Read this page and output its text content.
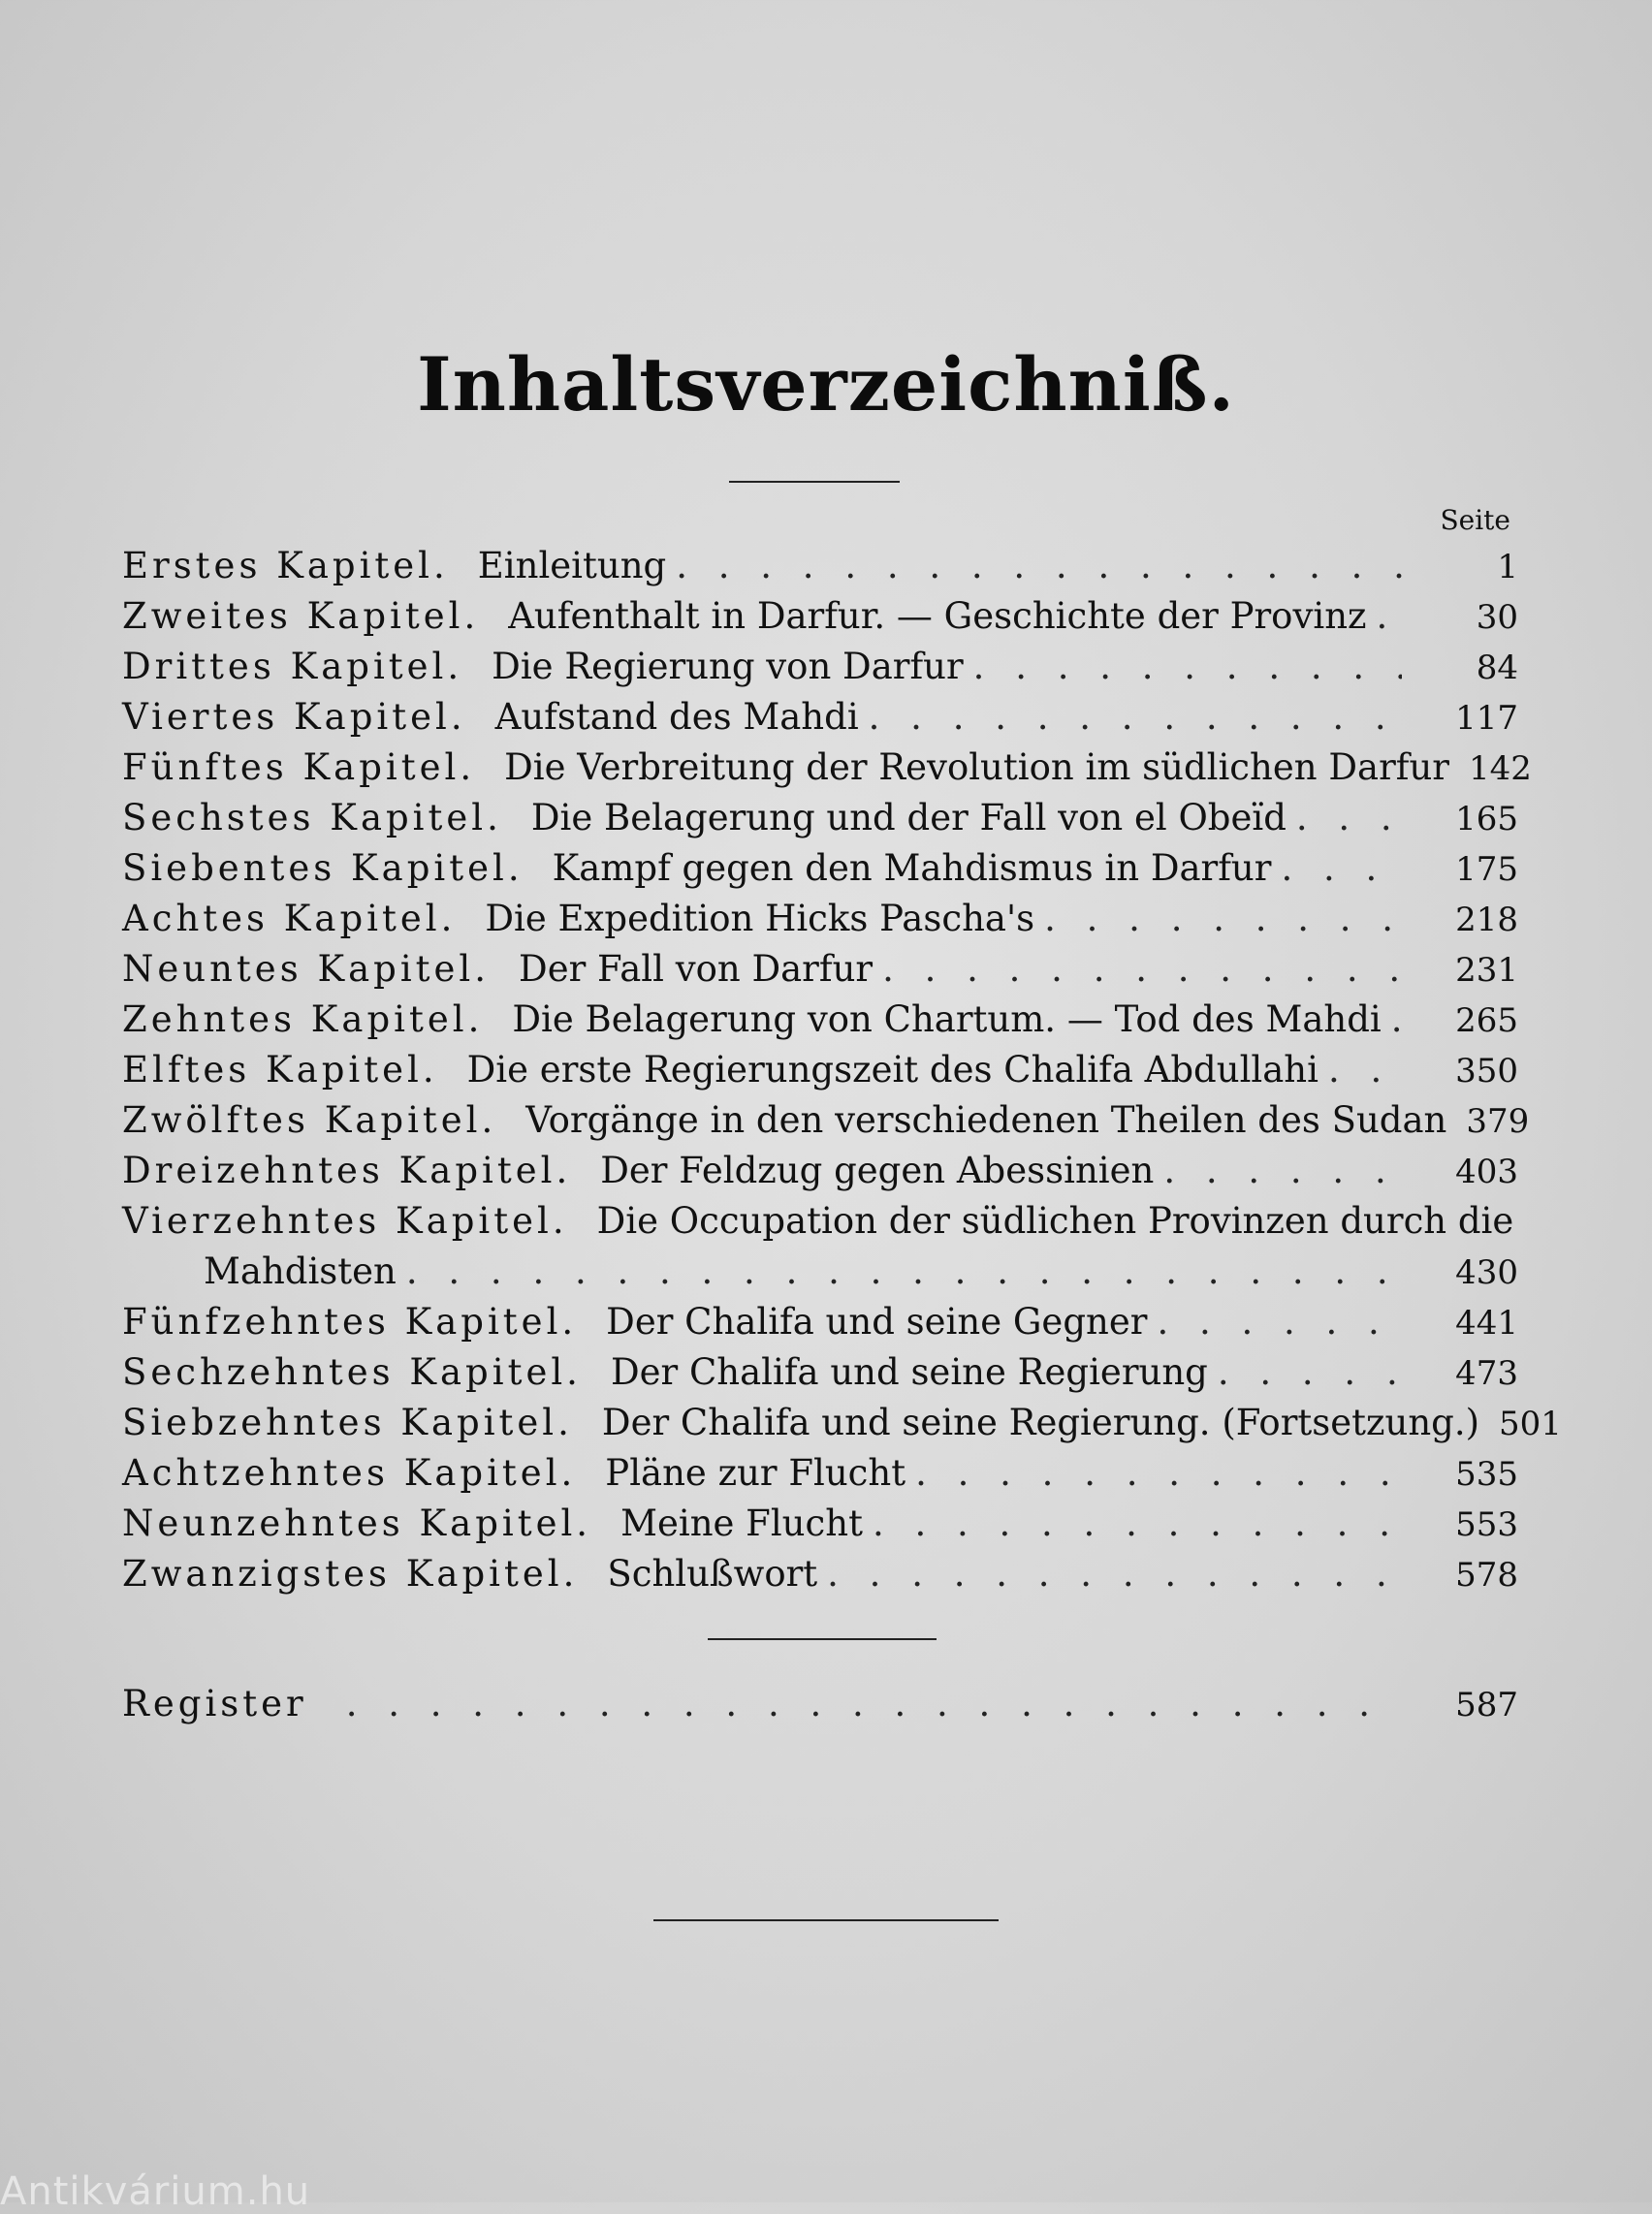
Inhaltsverzeichniß.
Seite
Erstes Kapitel. Einleitung . . .	1
Zweites Kapitel. Aufenthalt in Darfur. — Geschichte der Provinz . . .	30
Drittes Kapitel. Die Regierung von Darfur . . .	84
Viertes Kapitel. Aufstand des Mahdi . . .	117
Fünftes Kapitel. Die Verbreitung der Revolution im südlichen Darfur 142
Sechstes Kapitel. Die Belagerung und der Fall von el Obeïd . . .	165
Siebentes Kapitel. Kampf gegen den Mahdismus in Darfur . . .	175
Achtes Kapitel. Die Expedition Hicks Pascha's . . .	218
Neuntes Kapitel. Der Fall von Darfur . . .	231
Zehntes Kapitel. Die Belagerung von Chartum. — Tod des Mahdi . . .	265
Elftes Kapitel. Die erste Regierungszeit des Chalifa Abdullahi . . .	350
Zwölftes Kapitel. Vorgänge in den verschiedenen Theilen des Sudan 379
Dreizehntes Kapitel. Der Feldzug gegen Abessinien . . .	403
Vierzehntes Kapitel. Die Occupation der südlichen Provinzen durch die
Mahdisten . . .	430
Fünfzehntes Kapitel. Der Chalifa und seine Gegner . . .	441
Sechzehntes Kapitel. Der Chalifa und seine Regierung . . .	473
Siebzehntes Kapitel. Der Chalifa und seine Regierung. (Fortsetzung.) 501
Achtzehntes Kapitel. Pläne zur Flucht . . .	535
Neunzehntes Kapitel. Meine Flucht . . .	553
Zwanzigstes Kapitel. Schlußwort . . .	578
Register . . .	587
Antikvárium.hu
